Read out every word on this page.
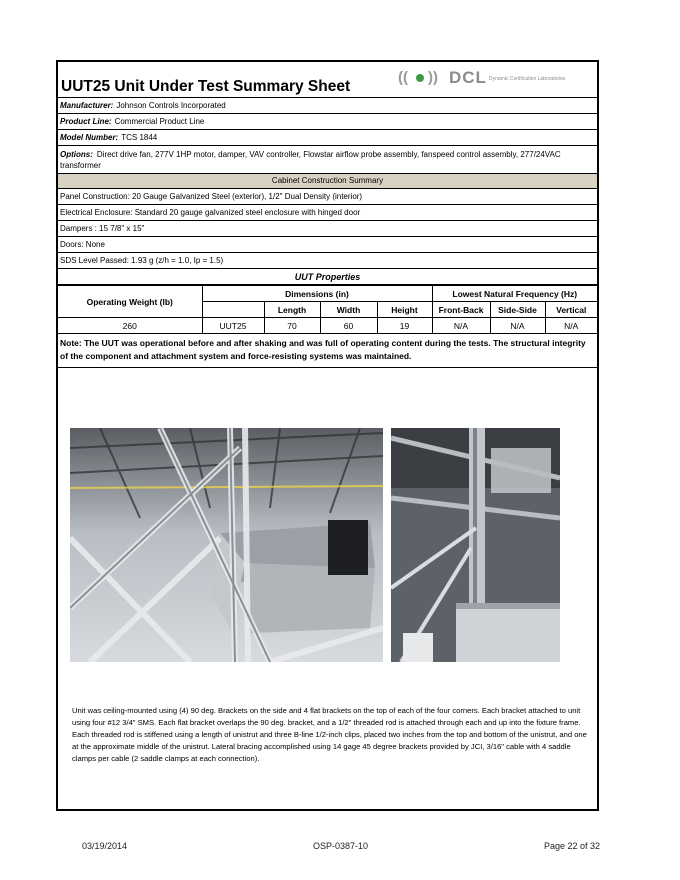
UUT25 Unit Under Test Summary Sheet
(( )) DCL Dynamic Certification Laboratories
Manufacturer: Johnson Controls Incorporated
Product Line: Commercial Product Line
Model Number: TCS 1844
Options: Direct drive fan, 277V 1HP motor, damper, VAV controller, Flowstar airflow probe assembly, fanspeed control assembly, 277/24VAC transformer
Cabinet Construction Summary
Panel Construction: 20 Gauge Galvanized Steel (exterior), 1/2" Dual Density (interior)
Electrical Enclosure: Standard 20 gauge galvanized steel enclosure with hinged door
Dampers : 15 7/8" x 15"
Doors: None
SDS Level Passed: 1.93 g (z/h = 1.0, Ip = 1.5)
UUT Properties
Operating Weight (lb)	Dimensions (in)				Lowest Natural Frequency (Hz)		
		Length	Width	Height	Front-Back	Side-Side	Vertical
260	UUT25	70	60	19	N/A	N/A	N/A
Note: The UUT was operational before and after shaking and was full of operating content during the tests. The structural integrity of the component and attachment system and force-resisting systems was maintained.
Unit was ceiling-mounted using (4) 90 deg. Brackets on the side and 4 flat brackets on the top of each of the four corners. Each bracket attached to unit using four #12 3/4" SMS. Each flat bracket overlaps the 90 deg. bracket, and a 1/2" threaded rod is attached through each and up into the fixture frame. Each threaded rod is stiffened using a length of unistrut and three B-line 1/2-inch clips, placed two inches from the top and bottom of the unistrut, and one at the approximate middle of the unistrut. Lateral bracing accomplished using 14 gage 45 degree brackets provided by JCI, 3/16" cable with 4 saddle clamps per cable (2 saddle clamps at each connection).
03/19/2014	OSP-0387-10	Page 22 of 32
